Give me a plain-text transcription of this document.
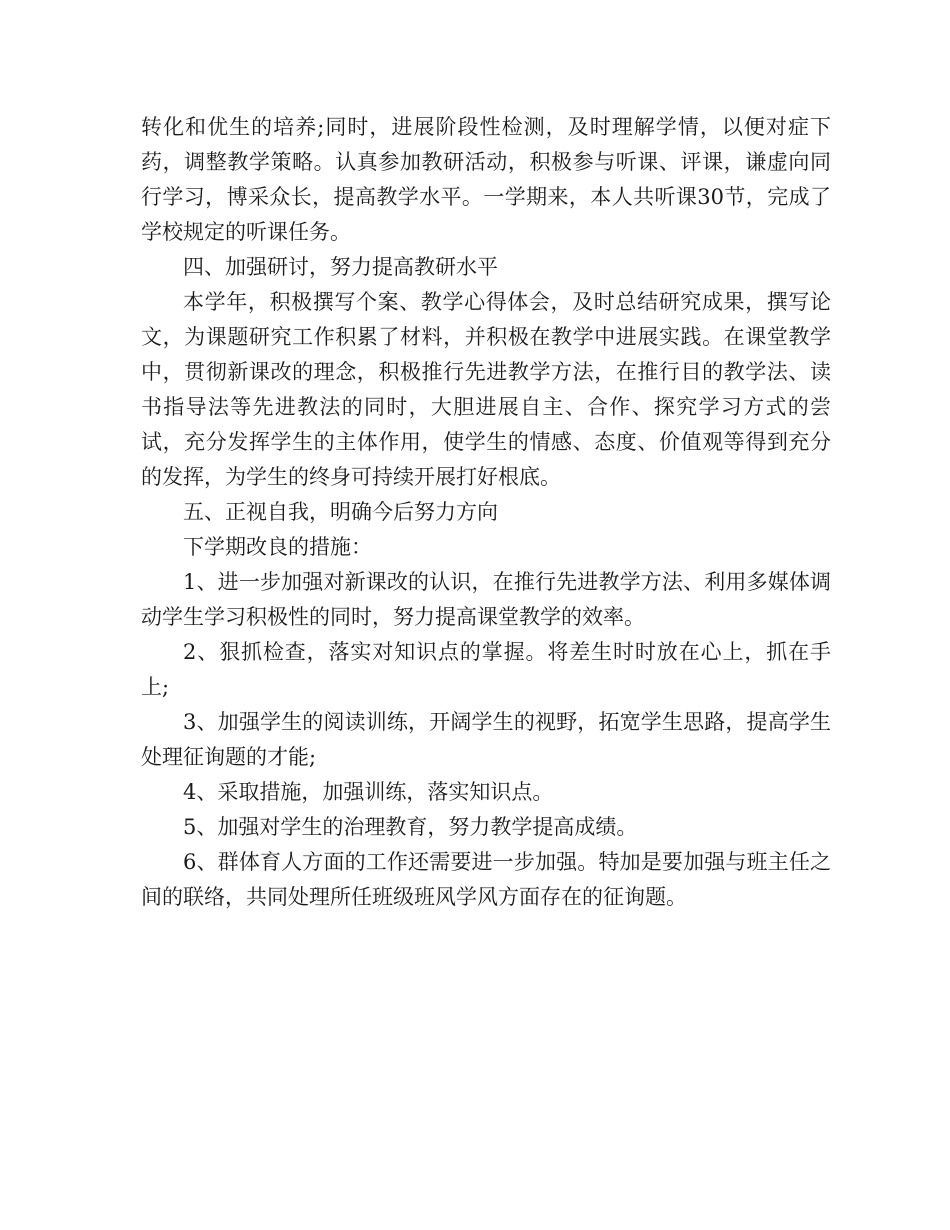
转化和优生的培养;同时，进展阶段性检测，及时理解学情，以便对症下药，调整教学策略。认真参加教研活动，积极参与听课、评课，谦虚向同行学习，博采众长，提高教学水平。一学期来，本人共听课30节，完成了学校规定的听课任务。

四、加强研讨，努力提高教研水平

本学年，积极撰写个案、教学心得体会，及时总结研究成果，撰写论文，为课题研究工作积累了材料，并积极在教学中进展实践。在课堂教学中，贯彻新课改的理念，积极推行先进教学方法，在推行目的教学法、读书指导法等先进教法的同时，大胆进展自主、合作、探究学习方式的尝试，充分发挥学生的主体作用，使学生的情感、态度、价值观等得到充分的发挥，为学生的终身可持续开展打好根底。

五、正视自我，明确今后努力方向

下学期改良的措施：

1、进一步加强对新课改的认识，在推行先进教学方法、利用多媒体调动学生学习积极性的同时，努力提高课堂教学的效率。

2、狠抓检查，落实对知识点的掌握。将差生时时放在心上，抓在手上;

3、加强学生的阅读训练，开阔学生的视野，拓宽学生思路，提高学生处理征询题的才能;

4、采取措施，加强训练，落实知识点。

5、加强对学生的治理教育，努力教学提高成绩。

6、群体育人方面的工作还需要进一步加强。特加是要加强与班主任之间的联络，共同处理所任班级班风学风方面存在的征询题。
